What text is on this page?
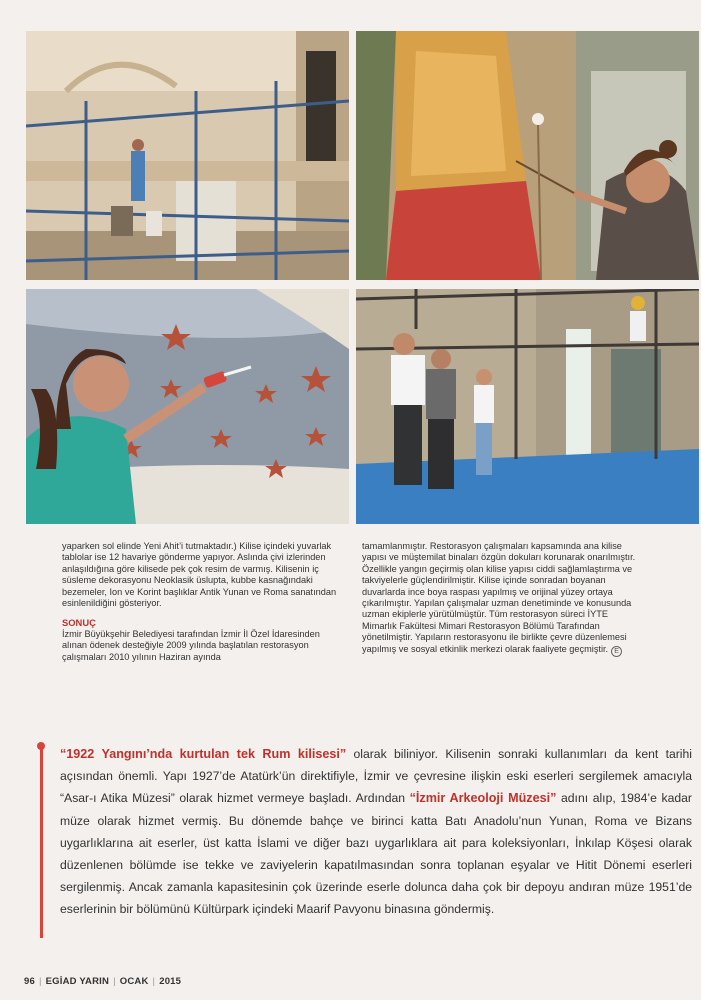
yaparken sol elinde Yeni Ahit’i tutmaktadır.) Kilise içindeki yuvarlak tablolar ise 12 havariye gönderme yapıyor. Aslında çivi izlerinden anlaşıldığına göre kilisede pek çok resim de varmış. Kilisenin iç süsleme dekorasyonu Neoklasik üslupta, kubbe kasnağındaki bezemeler, Ion ve Korint başlıklar Antik Yunan ve Roma sanatından esinlenildiğini gösteriyor.

SONUÇ

İzmir Büyükşehir Belediyesi tarafından İzmir İl Özel İdaresinden alınan ödenek desteğiyle 2009 yılında başlatılan restorasyon çalışmaları 2010 yılının Haziran ayında

tamamlanmıştır. Restorasyon çalışmaları kapsamında ana kilise yapısı ve müştemilat binaları özgün dokuları korunarak onarılmıştır. Özellikle yangın geçirmiş olan kilise yapısı ciddi sağlamlaştırma ve takviyelerle güçlendirilmiştir. Kilise içinde sonradan boyanan duvarlarda ince boya raspası yapılmış ve orijinal yüzey ortaya çıkarılmıştır. Yapılan çalışmalar uzman denetiminde ve konusunda uzman ekiplerle yürütülmüştür. Tüm restorasyon süreci İYTE Mimarlık Fakültesi Mimari Restorasyon Bölümü Tarafından yönetilmiştir. Yapıların restorasyonu ile birlikte çevre düzenlemesi yapılmış ve sosyal etkinlik merkezi olarak faaliyete geçmiştir. E

“1922 Yangını’nda kurtulan tek Rum kilisesi” olarak biliniyor. Kilisenin sonraki kullanımları da kent tarihi açısından önemli. Yapı 1927’de Atatürk’ün direktifiyle, İzmir ve çevresine ilişkin eski eserleri sergilemek amacıyla “Asar-ı Atika Müzesi” olarak hizmet vermeye başladı. Ardından “İzmir Arkeoloji Müzesi” adını alıp, 1984’e kadar müze olarak hizmet vermiş. Bu dönemde bahçe ve birinci katta Batı Anadolu’nun Yunan, Roma ve Bizans uygarlıklarına ait eserler, üst katta İslami ve diğer bazı uygarlıklara ait para koleksiyonları, İnkılap Köşesi olarak düzenlenen bölümde ise tekke ve zaviyelerin kapatılmasından sonra toplanan eşyalar ve Hitit Dönemi eserleri sergilenmiş. Ancak zamanla kapasitesinin çok üzerinde eserle dolunca daha çok bir depoyu andıran müze 1951’de eserlerinin bir bölümünü Kültürpark içindeki Maarif Pavyonu binasına göndermiş.

96 | EGİAD YARIN | OCAK | 2015
